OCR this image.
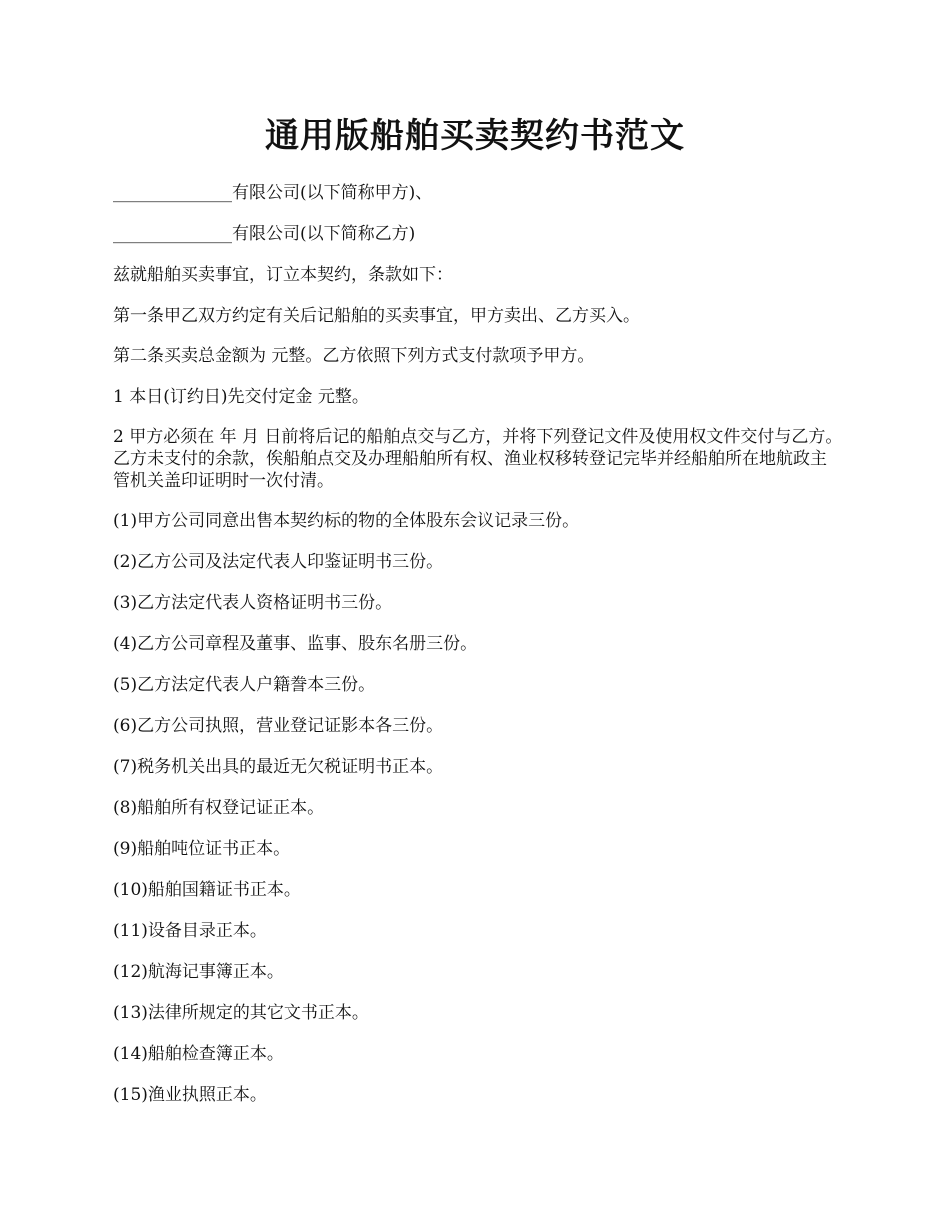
通用版船舶买卖契约书范文

______________有限公司(以下简称甲方)、

______________有限公司(以下简称乙方)

兹就船舶买卖事宜，订立本契约，条款如下：

第一条甲乙双方约定有关后记船舶的买卖事宜，甲方卖出、乙方买入。

第二条买卖总金额为 元整。乙方依照下列方式支付款项予甲方。

1 本日(订约日)先交付定金 元整。

2 甲方必须在 年 月 日前将后记的船舶点交与乙方，并将下列登记文件及使用权文件交付与乙方。乙方未支付的余款，俟船舶点交及办理船舶所有权、渔业权移转登记完毕并经船舶所在地航政主管机关盖印证明时一次付清。

(1)甲方公司同意出售本契约标的物的全体股东会议记录三份。

(2)乙方公司及法定代表人印鉴证明书三份。

(3)乙方法定代表人资格证明书三份。

(4)乙方公司章程及董事、监事、股东名册三份。

(5)乙方法定代表人户籍誊本三份。

(6)乙方公司执照，营业登记证影本各三份。

(7)税务机关出具的最近无欠税证明书正本。

(8)船舶所有权登记证正本。

(9)船舶吨位证书正本。

(10)船舶国籍证书正本。

(11)设备目录正本。

(12)航海记事簿正本。

(13)法律所规定的其它文书正本。

(14)船舶检查簿正本。

(15)渔业执照正本。
